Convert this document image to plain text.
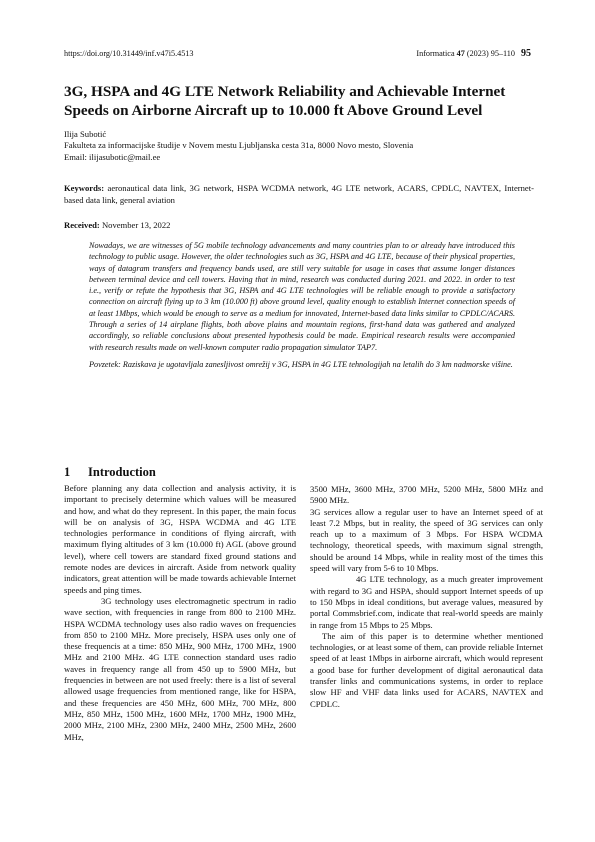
https://doi.org/10.31449/inf.v47i5.4513	Informatica 47 (2023) 95–110 95
3G, HSPA and 4G LTE Network Reliability and Achievable Internet Speeds on Airborne Aircraft up to 10.000 ft Above Ground Level
Ilija Subotić
Fakulteta za informacijske študije v Novem mestu Ljubljanska cesta 31a, 8000 Novo mesto, Slovenia
Email: ilijasubotic@mail.ee
Keywords: aeronautical data link, 3G network, HSPA WCDMA network, 4G LTE network, ACARS, CPDLC, NAVTEX, Internet-based data link, general aviation
Received: November 13, 2022

Nowadays, we are witnesses of 5G mobile technology advancements and many countries plan to or already have introduced this technology to public usage. However, the older technologies such as 3G, HSPA and 4G LTE, because of their physical properties, ways of datagram transfers and frequency bands used, are still very suitable for usage in cases that assume longer distances between terminal device and cell towers. Having that in mind, research was conducted during 2021. and 2022. in order to test i.e., verify or refute the hypothesis that 3G, HSPA and 4G LTE technologies will be reliable enough to provide a satisfactory connection on aircraft flying up to 3 km (10.000 ft) above ground level, quality enough to establish Internet connection speeds of at least 1Mbps, which would be enough to serve as a medium for innovated, Internet-based data links similar to CPDLC/ACARS. Through a series of 14 airplane flights, both above plains and mountain regions, first-hand data was gathered and analyzed accordingly, so reliable conclusions about presented hypothesis could be made. Empirical research results were accompanied with research results made on well-known computer radio propagation simulator TAP7.

Povzetek: Raziskava je ugotavljala zanesljivost omrežij v 3G, HSPA in 4G LTE tehnologijah na letalih do 3 km nadmorske višine.

1 Introduction

Before planning any data collection and analysis activity, it is important to precisely determine which values will be measured and how, and what do they represent. In this paper, the main focus will be on analysis of 3G, HSPA WCDMA and 4G LTE technologies performance in conditions of flying aircraft, with maximum flying altitudes of 3 km (10.000 ft) AGL (above ground level), where cell towers are standard fixed ground stations and remote nodes are devices in aircraft. Aside from network quality indicators, great attention will be made towards achievable Internet speeds and ping times.

3G technology uses electromagnetic spectrum in radio wave section, with frequencies in range from 800 to 2100 MHz. HSPA WCDMA technology uses also radio waves on frequencies from 850 to 2100 MHz. More precisely, HSPA uses only one of these frequencis at a time: 850 MHz, 900 MHz, 1700 MHz, 1900 MHz and 2100 MHz. 4G LTE connection standard uses radio waves in frequency range all from 450 up to 5900 MHz, but frequencies in between are not used freely: there is a list of several allowed usage frequencies from mentioned range, like for HSPA, and these frequencies are 450 MHz, 600 MHz, 700 MHz, 800 MHz, 850 MHz, 1500 MHz, 1600 MHz, 1700 MHz, 1900 MHz, 2000 MHz, 2100 MHz, 2300 MHz, 2400 MHz, 2500 MHz, 2600 MHz,

3500 MHz, 3600 MHz, 3700 MHz, 5200 MHz, 5800 MHz and 5900 MHz.

3G services allow a regular user to have an Internet speed of at least 7.2 Mbps, but in reality, the speed of 3G services can only reach up to a maximum of 3 Mbps. For HSPA WCDMA technology, theoretical speeds, with maximum signal strength, should be around 14 Mbps, while in reality most of the times this speed will vary from 5-6 to 10 Mbps.

4G LTE technology, as a much greater improvement with regard to 3G and HSPA, should support Internet speeds of up to 150 Mbps in ideal conditions, but average values, measured by portal Commsbrief.com, indicate that real-world speeds are mainly in range from 15 Mbps to 25 Mbps.

The aim of this paper is to determine whether mentioned technologies, or at least some of them, can provide reliable Internet speed of at least 1Mbps in airborne aircraft, which would represent a good base for further development of digital aeronautical data transfer links and communications systems, in order to replace slow HF and VHF data links used for ACARS, NAVTEX and CPDLC.
